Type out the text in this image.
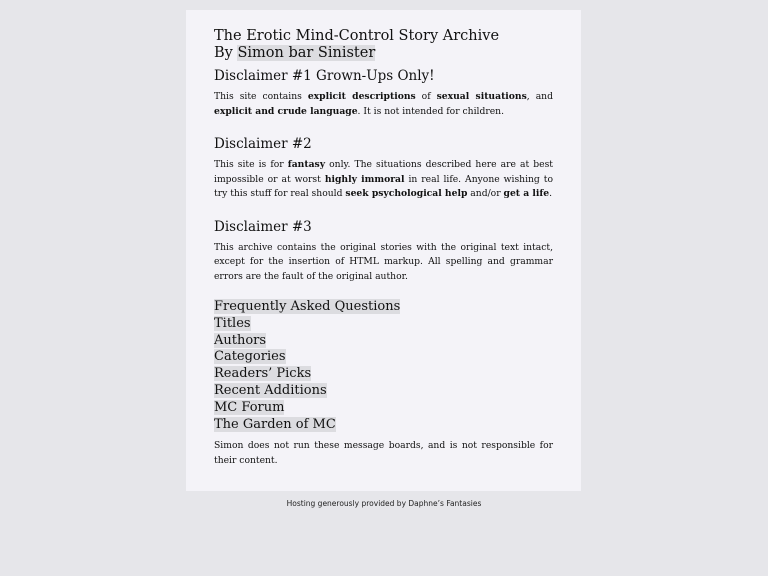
The Erotic Mind-Control Story Archive
By Simon bar Sinister
Disclaimer #1 Grown-Ups Only!

This site contains explicit descriptions of sexual situations, and explicit and crude language. It is not intended for children.

Disclaimer #2

This site is for fantasy only. The situations described here are at best impossible or at worst highly immoral in real life. Anyone wishing to try this stuff for real should seek psychological help and/or get a life.

Disclaimer #3

This archive contains the original stories with the original text intact, except for the insertion of HTML markup. All spelling and grammar errors are the fault of the original author.

Frequently Asked Questions
Titles
Authors
Categories
Readers’ Picks
Recent Additions
MC Forum
The Garden of MC

Simon does not run these message boards, and is not responsible for their content.

Hosting generously provided by Daphne’s Fantasies
